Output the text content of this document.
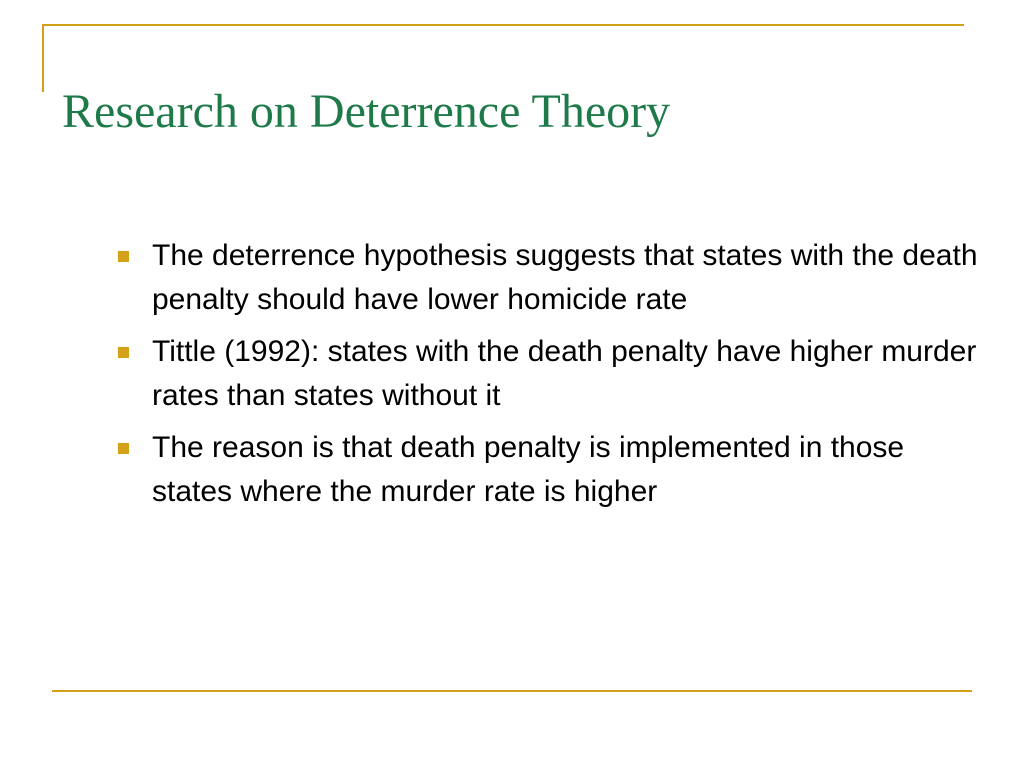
Research on Deterrence Theory
The deterrence hypothesis suggests that states with the death penalty should have lower homicide rate
Tittle (1992): states with the death penalty have higher murder rates than states without it
The reason is that death penalty is implemented in those states where the murder rate is higher
